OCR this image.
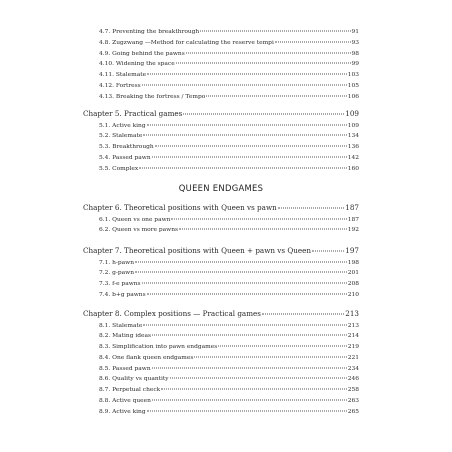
4.7. Preventing the breakthrough	91
4.8. Zugzwang —Method for calculating the reserve tempi	93
4.9. Going behind the pawns	98
4.10. Widening the space	99
4.11. Stalemate	103
4.12. Fortress	105
4.13. Breaking the fortress / Tempo	106
Chapter 5. Practical games	109
5.1. Active king	109
5.2. Stalemate	134
5.3. Breakthrough	136
5.4. Passed pawn	142
5.5. Complex	160
QUEEN ENDGAMES
Chapter 6. Theoretical positions with Queen vs pawn	187
6.1. Queen vs one pawn	187
6.2. Queen vs more pawns	192
Chapter 7. Theoretical positions with Queen + pawn vs Queen	197
7.1. h-pawn	198
7.2. g-pawn	201
7.3. f-e pawns	208
7.4. b+g pawns	210
Chapter 8. Complex positions — Practical games	213
8.1. Stalemate	213
8.2. Mating ideas	214
8.3. Simplification into pawn endgames	219
8.4. One flank queen endgames	221
8.5. Passed pawn	234
8.6. Quality vs quantity	246
8.7. Perpetual check	258
8.8. Active queen	263
8.9. Active king	265
